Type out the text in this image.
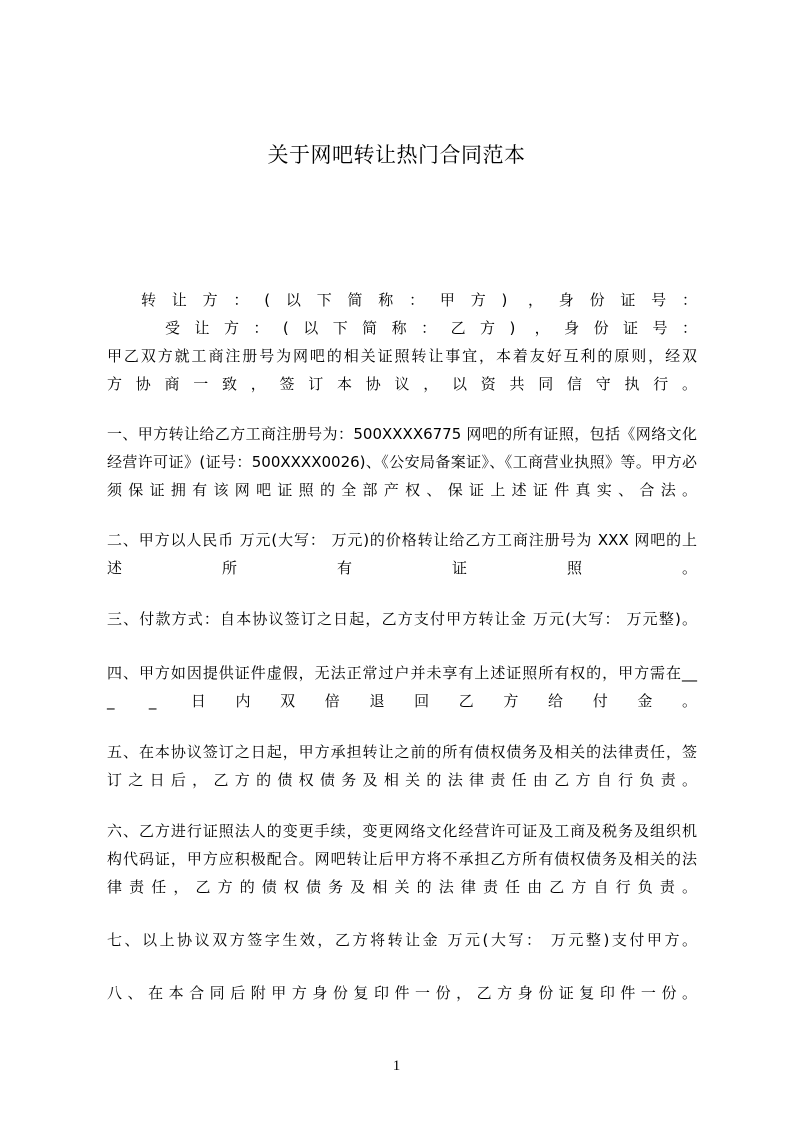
关于网吧转让热门合同范本
转让方：(以下简称：甲方) ，身份证号：
受让方：(以下简称：乙方) ，身份证号：
甲乙双方就工商注册号为网吧的相关证照转让事宜，本着友好互利的原则，经双
方协商一致，签订本协议，以资共同信守执行。
一、甲方转让给乙方工商注册号为：500XXXX6775 网吧的所有证照，包括《网络文化
经营许可证》(证号：500XXXX0026)、《公安局备案证》、《工商营业执照》等。甲方必
须保证拥有该网吧证照的全部产权、保证上述证件真实、合法。
二、甲方以人民币 万元(大写： 万元)的价格转让给乙方工商注册号为 XXX 网吧的上
述所有证照。
三、付款方式：自本协议签订之日起，乙方支付甲方转让金 万元(大写： 万元整)。
四、甲方如因提供证件虚假，无法正常过户并未享有上述证照所有权的，甲方需在__
_ _ 日内双倍退回乙方给付金。
五、在本协议签订之日起，甲方承担转让之前的所有债权债务及相关的法律责任，签
订之日后，乙方的债权债务及相关的法律责任由乙方自行负责。
六、乙方进行证照法人的变更手续，变更网络文化经营许可证及工商及税务及组织机
构代码证，甲方应积极配合。网吧转让后甲方将不承担乙方所有债权债务及相关的法
律责任，乙方的债权债务及相关的法律责任由乙方自行负责。
七、以上协议双方签字生效，乙方将转让金 万元(大写： 万元整)支付甲方。
八、在本合同后附甲方身份复印件一份，乙方身份证复印件一份。
1
